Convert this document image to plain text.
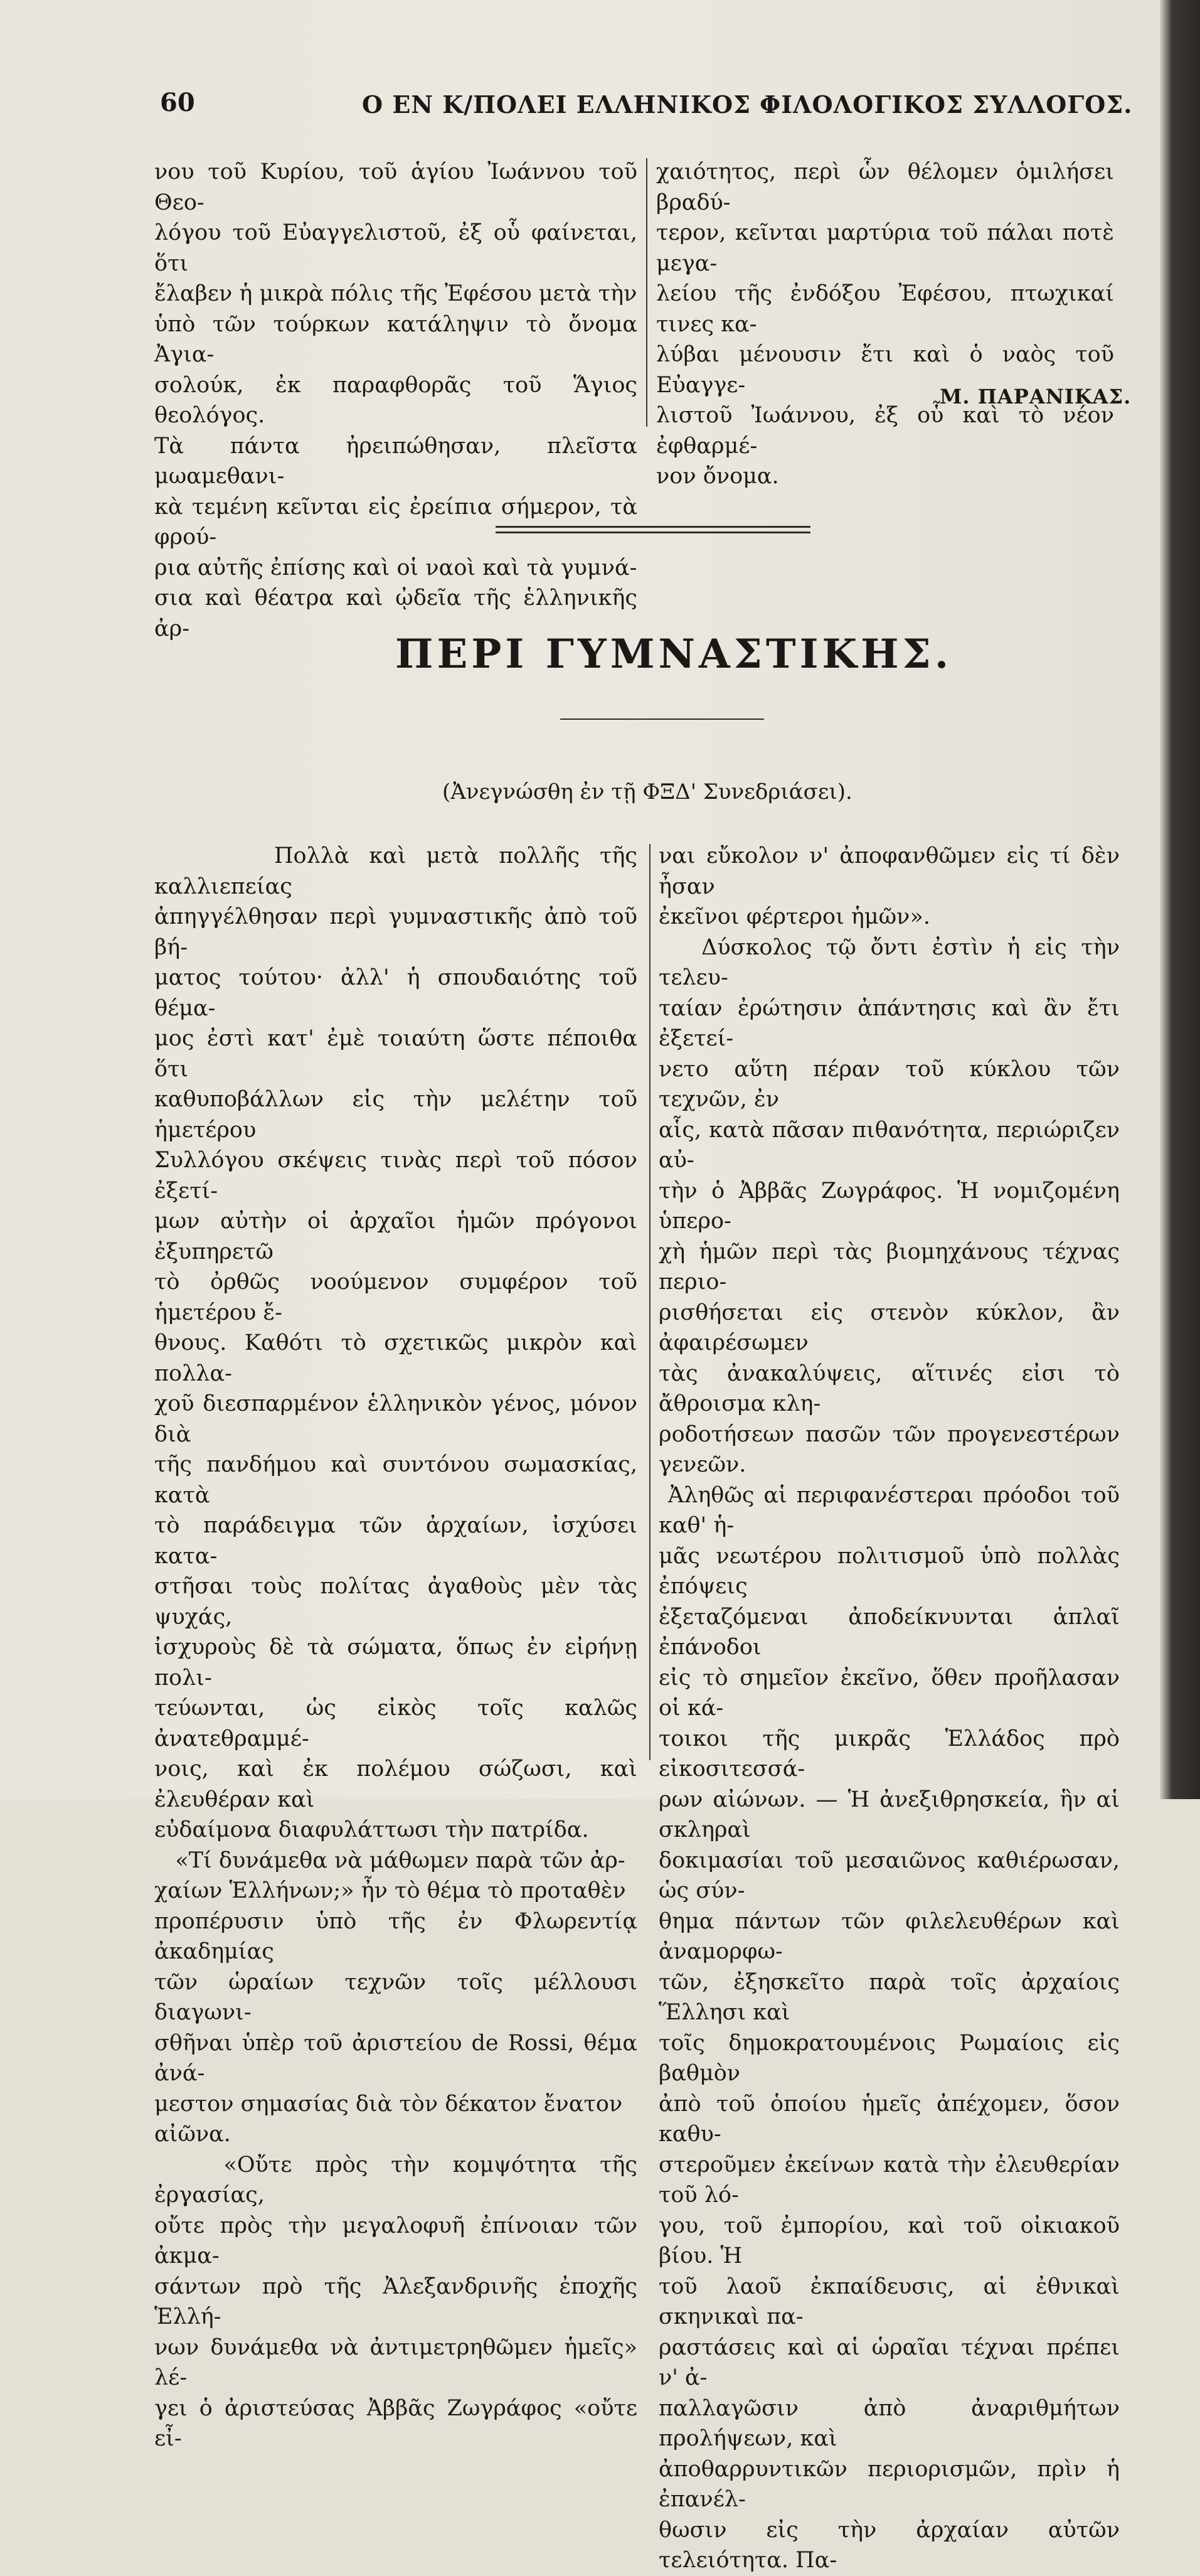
60	Ο ΕΝ Κ/ΠΟΛΕΙ ΕΛΛΗΝΙΚΟΣ ΦΙΛΟΛΟΓΙΚΟΣ ΣΥΛΛΟΓΟΣ.
νου τοῦ Κυρίου, τοῦ ἁγίου Ἰωάννου τοῦ Θεο-
λόγου τοῦ Εὐαγγελιστοῦ, ἐξ οὗ φαίνεται, ὅτι
ἔλαβεν ἡ μικρὰ πόλις τῆς Ἐφέσου μετὰ τὴν
ὑπὸ τῶν τούρκων κατάληψιν τὸ ὄνομα Ἀγια-
σολούκ, ἐκ παραφθορᾶς τοῦ Ἅγιος θεολόγος.
Τὰ πάντα ἠρειπώθησαν, πλεῖστα μωαμεθανι-
κὰ τεμένη κεῖνται εἰς ἐρείπια σήμερον, τὰ φρού-
ρια αὐτῆς ἐπίσης καὶ οἱ ναοὶ καὶ τὰ γυμνά-
σια καὶ θέατρα καὶ ᾠδεῖα τῆς ἑλληνικῆς ἀρ-
χαιότητος, περὶ ὧν θέλομεν ὁμιλήσει βραδύ-
τερον, κεῖνται μαρτύρια τοῦ πάλαι ποτὲ μεγα-
λείου τῆς ἐνδόξου Ἐφέσου, πτωχικαί τινες κα-
λύβαι μένουσιν ἔτι καὶ ὁ ναὸς τοῦ Εὐαγγε-
λιστοῦ Ἰωάννου, ἐξ οὗ καὶ τὸ νέον ἐφθαρμέ-
νον ὄνομα.
Μ. ΠΑΡΑΝΙΚΑΣ.
ΠΕΡΙ ΓΥΜΝΑΣΤΙΚΗΣ.
(Ἀνεγνώσθη ἐν τῇ ΦΞΔ' Συνεδριάσει).
Πολλὰ καὶ μετὰ πολλῆς τῆς καλλιεπείας
ἀπηγγέλθησαν περὶ γυμναστικῆς ἀπὸ τοῦ βή-
ματος τούτου· ἀλλ' ἡ σπουδαιότης τοῦ θέμα-
μος ἐστὶ κατ' ἐμὲ τοιαύτη ὥστε πέποιθα ὅτι
καθυποβάλλων εἰς τὴν μελέτην τοῦ ἡμετέρου
Συλλόγου σκέψεις τινὰς περὶ τοῦ πόσον ἐξετί-
μων αὐτὴν οἱ ἀρχαῖοι ἡμῶν πρόγονοι ἐξυπηρετῶ
τὸ ὀρθῶς νοούμενον συμφέρον τοῦ ἡμετέρου ἔ-
θνους. Καθότι τὸ σχετικῶς μικρὸν καὶ πολλα-
χοῦ διεσπαρμένον ἑλληνικὸν γένος, μόνον διὰ
τῆς πανδήμου καὶ συντόνου σωμασκίας, κατὰ
τὸ παράδειγμα τῶν ἀρχαίων, ἰσχύσει κατα-
στῆσαι τοὺς πολίτας ἀγαθοὺς μὲν τὰς ψυχάς,
ἰσχυροὺς δὲ τὰ σώματα, ὅπως ἐν εἰρήνῃ πολι-
τεύωνται, ὡς εἰκὸς τοῖς καλῶς ἀνατεθραμμέ-
νοις, καὶ ἐκ πολέμου σώζωσι, καὶ ἐλευθέραν καὶ
εὐδαίμονα διαφυλάττωσι τὴν πατρίδα.
«Τί δυνάμεθα νὰ μάθωμεν παρὰ τῶν ἀρ-
χαίων Ἑλλήνων;» ἦν τὸ θέμα τὸ προταθὲν
προπέρυσιν ὑπὸ τῆς ἐν Φλωρεντίᾳ ἀκαδημίας
τῶν ὡραίων τεχνῶν τοῖς μέλλουσι διαγωνι-
σθῆναι ὑπὲρ τοῦ ἀριστείου de Rossi, θέμα ἀνά-
μεστον σημασίας διὰ τὸν δέκατον ἔνατον
αἰῶνα.
«Οὔτε πρὸς τὴν κομψότητα τῆς ἐργασίας,
οὔτε πρὸς τὴν μεγαλοφυῆ ἐπίνοιαν τῶν ἀκμα-
σάντων πρὸ τῆς Ἀλεξανδρινῆς ἐποχῆς Ἑλλή-
νων δυνάμεθα νὰ ἀντιμετρηθῶμεν ἡμεῖς» λέ-
γει ὁ ἀριστεύσας Ἀββᾶς Ζωγράφος «οὔτε εἶ-
ναι εὔκολον ν' ἀποφανθῶμεν εἰς τί δὲν ἦσαν
ἐκεῖνοι φέρτεροι ἡμῶν».
Δύσκολος τῷ ὄντι ἐστὶν ἡ εἰς τὴν τελευ-
ταίαν ἐρώτησιν ἀπάντησις καὶ ἂν ἔτι ἐξετεί-
νετο αὕτη πέραν τοῦ κύκλου τῶν τεχνῶν, ἐν
αἷς, κατὰ πᾶσαν πιθανότητα, περιώριζεν αὐ-
τὴν ὁ Ἀββᾶς Ζωγράφος. Ἡ νομιζομένη ὑπερο-
χὴ ἡμῶν περὶ τὰς βιομηχάνους τέχνας περιο-
ρισθήσεται εἰς στενὸν κύκλον, ἂν ἀφαιρέσωμεν
τὰς ἀνακαλύψεις, αἵτινές εἰσι τὸ ἄθροισμα κλη-
ροδοτήσεων πασῶν τῶν προγενεστέρων γενεῶν.
Ἀληθῶς αἱ περιφανέστεραι πρόοδοι τοῦ καθ' ἡ-
μᾶς νεωτέρου πολιτισμοῦ ὑπὸ πολλὰς ἐπόψεις
ἐξεταζόμεναι ἀποδείκνυνται ἁπλαῖ ἐπάνοδοι
εἰς τὸ σημεῖον ἐκεῖνο, ὅθεν προῆλασαν οἱ κά-
τοικοι τῆς μικρᾶς Ἑλλάδος πρὸ εἰκοσιτεσσά-
ρων αἰώνων. — Ἡ ἀνεξιθρησκεία, ἣν αἱ σκληραὶ
δοκιμασίαι τοῦ μεσαιῶνος καθιέρωσαν, ὡς σύν-
θημα πάντων τῶν φιλελευθέρων καὶ ἀναμορφω-
τῶν, ἐξησκεῖτο παρὰ τοῖς ἀρχαίοις Ἕλλησι καὶ
τοῖς δημοκρατουμένοις Ρωμαίοις εἰς βαθμὸν
ἀπὸ τοῦ ὁποίου ἡμεῖς ἀπέχομεν, ὅσον καθυ-
στεροῦμεν ἐκείνων κατὰ τὴν ἐλευθερίαν τοῦ λό-
γου, τοῦ ἐμπορίου, καὶ τοῦ οἰκιακοῦ βίου. Ἡ
τοῦ λαοῦ ἐκπαίδευσις, αἱ ἐθνικαὶ σκηνικαὶ πα-
ραστάσεις καὶ αἱ ὡραῖαι τέχναι πρέπει ν' ἀ-
παλλαγῶσιν ἀπὸ ἀναριθμήτων προλήψεων, καὶ
ἀποθαρρυντικῶν περιορισμῶν, πρὶν ἡ ἐπανέλ-
θωσιν εἰς τὴν ἀρχαίαν αὐτῶν τελειότητα. Πα-
